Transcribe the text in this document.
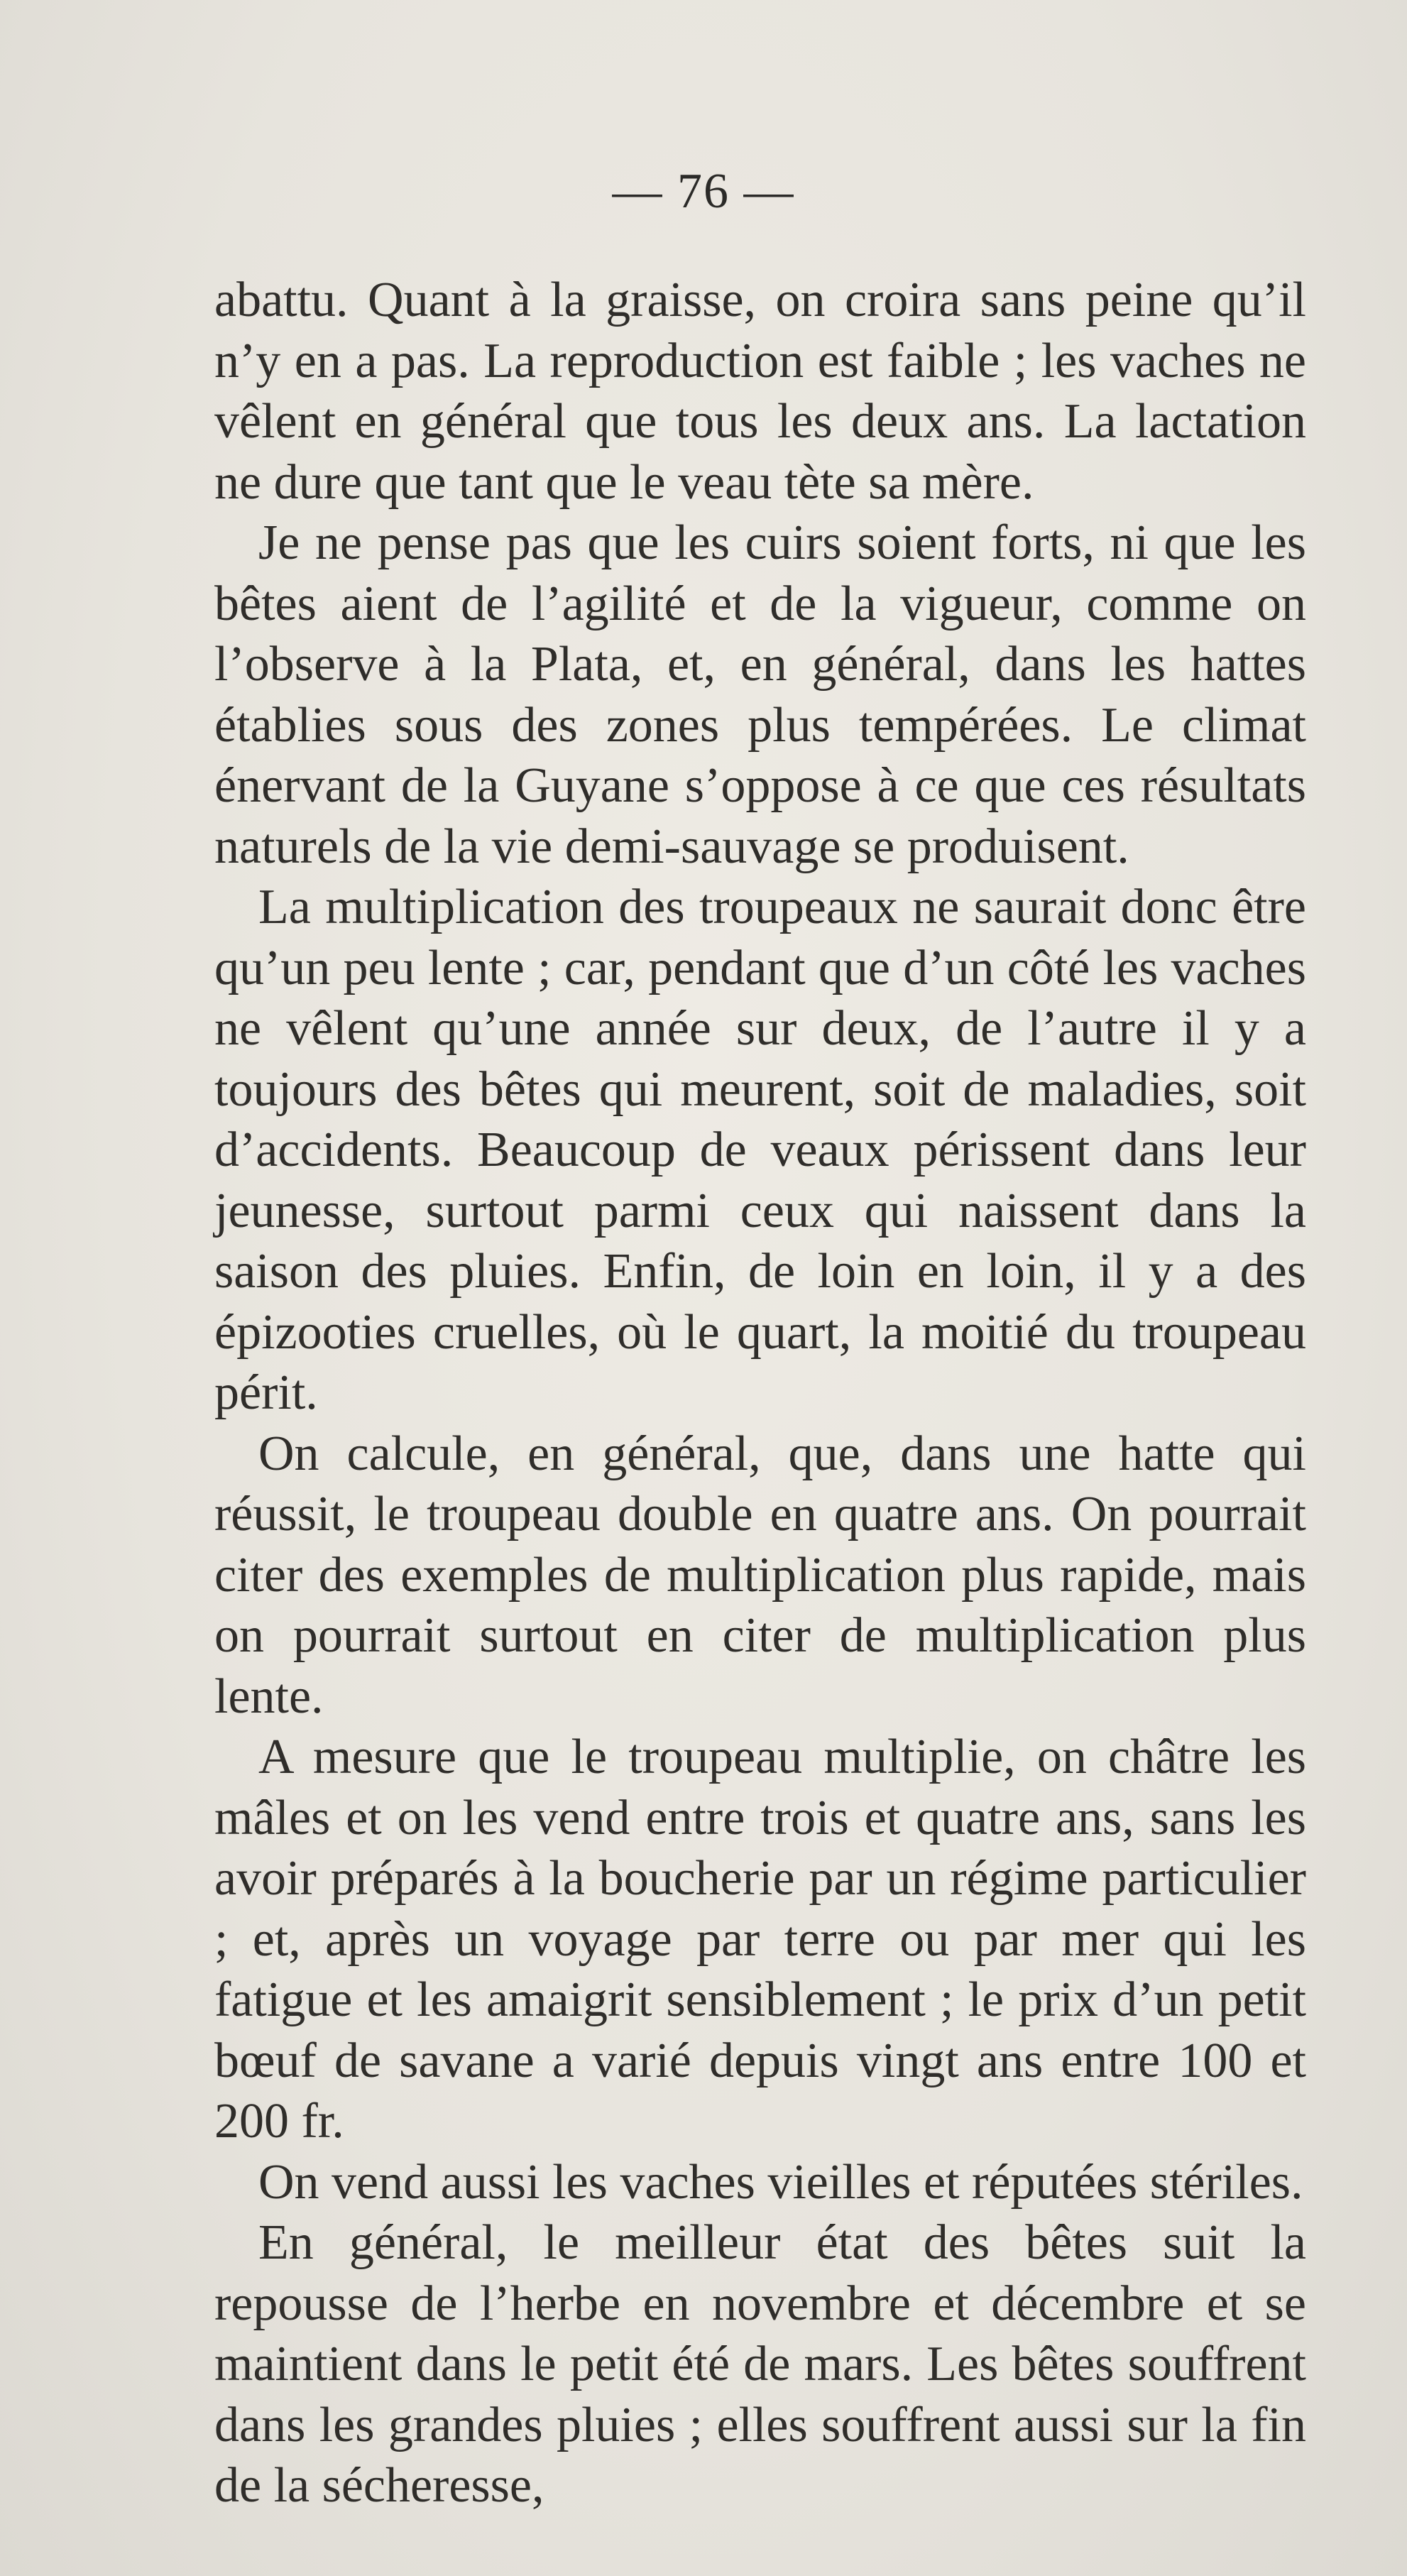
— 76 —

abattu. Quant à la graisse, on croira sans peine qu’il n’y en a pas. La reproduction est faible ; les vaches ne vêlent en général que tous les deux ans. La lactation ne dure que tant que le veau tète sa mère.

Je ne pense pas que les cuirs soient forts, ni que les bêtes aient de l’agilité et de la vigueur, comme on l’observe à la Plata, et, en général, dans les hattes établies sous des zones plus tempérées. Le climat énervant de la Guyane s’oppose à ce que ces résultats naturels de la vie demi-sauvage se produisent.

La multiplication des troupeaux ne saurait donc être qu’un peu lente ; car, pendant que d’un côté les vaches ne vêlent qu’une année sur deux, de l’autre il y a toujours des bêtes qui meurent, soit de maladies, soit d’accidents. Beaucoup de veaux périssent dans leur jeunesse, surtout parmi ceux qui naissent dans la saison des pluies. Enfin, de loin en loin, il y a des épizooties cruelles, où le quart, la moitié du troupeau périt.

On calcule, en général, que, dans une hatte qui réussit, le troupeau double en quatre ans. On pourrait citer des exemples de multiplication plus rapide, mais on pourrait surtout en citer de multiplication plus lente.

A mesure que le troupeau multiplie, on châtre les mâles et on les vend entre trois et quatre ans, sans les avoir préparés à la boucherie par un régime particulier ; et, après un voyage par terre ou par mer qui les fatigue et les amaigrit sensiblement ; le prix d’un petit bœuf de savane a varié depuis vingt ans entre 100 et 200 fr.

On vend aussi les vaches vieilles et réputées stériles.

En général, le meilleur état des bêtes suit la repousse de l’herbe en novembre et décembre et se maintient dans le petit été de mars. Les bêtes souffrent dans les grandes pluies ; elles souffrent aussi sur la fin de la sécheresse,
